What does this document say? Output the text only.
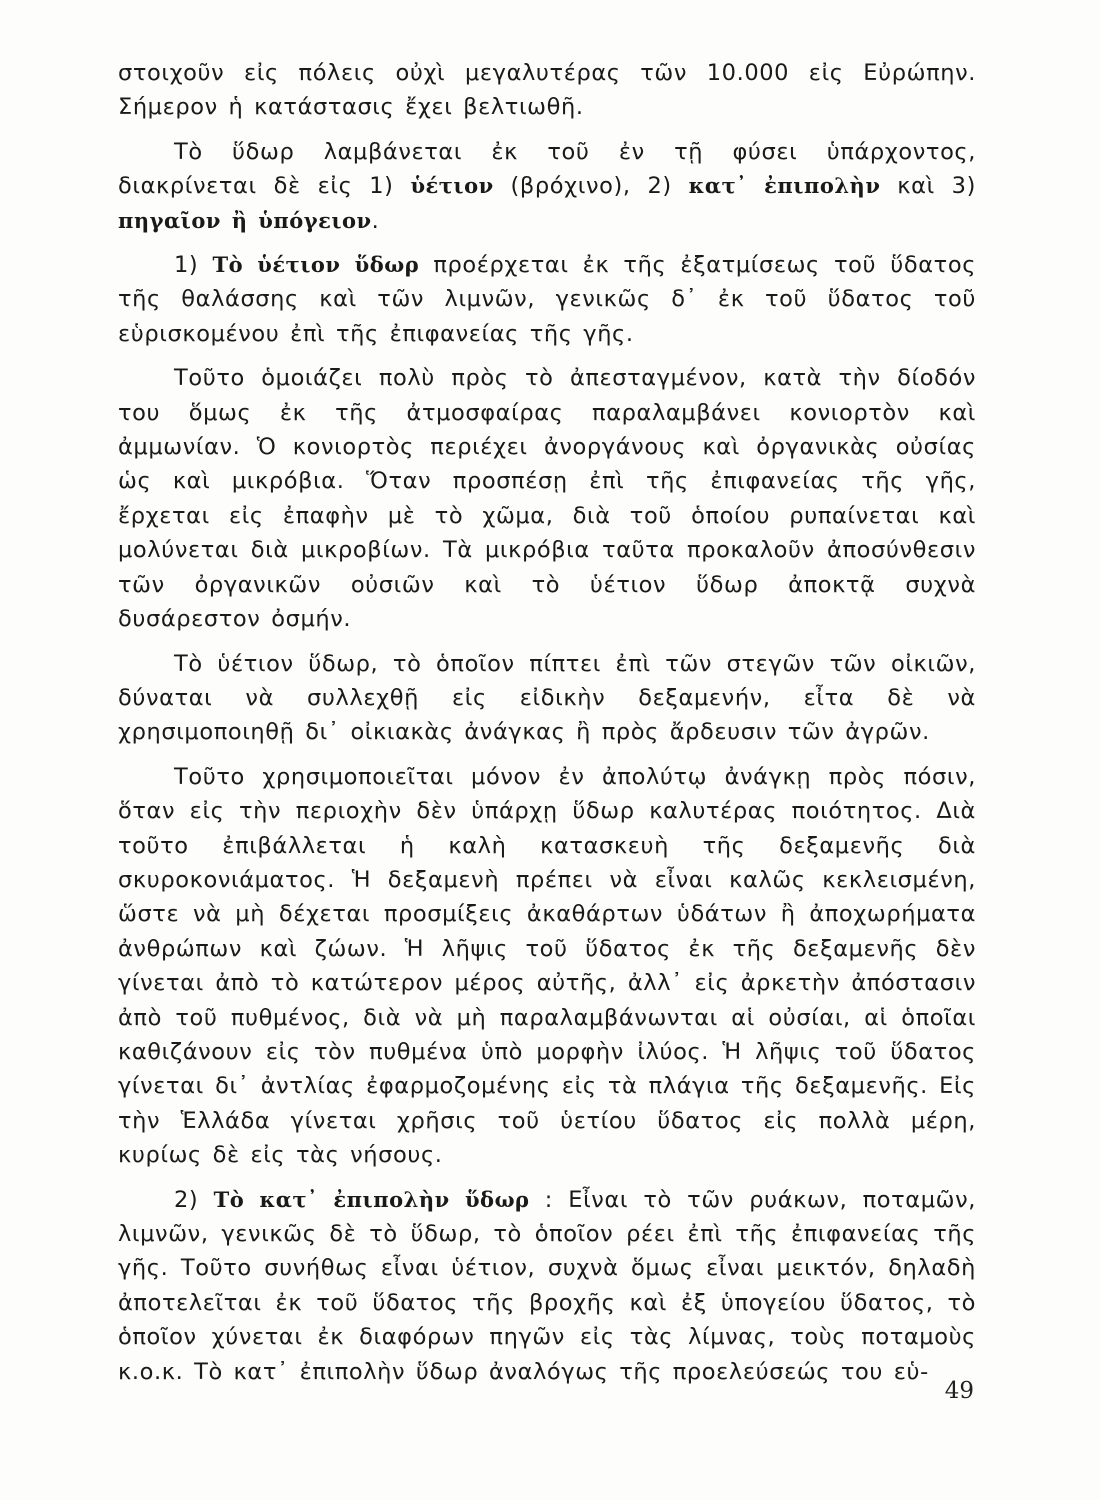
στοιχοῦν εἰς πόλεις οὐχὶ μεγαλυτέρας τῶν 10.000 εἰς Εὐρώπην. Σήμερον ἡ κατάστασις ἔχει βελτιωθῆ.

Τὸ ὕδωρ λαμβάνεται ἐκ τοῦ ἐν τῇ φύσει ὑπάρχοντος, διακρίνεται δὲ εἰς 1) ὑέτιον (βρόχινο), 2) κατ᾿ ἐπιπολὴν καὶ 3) πηγαῖον ἢ ὑπόγειον.

1) Τὸ ὑέτιον ὕδωρ προέρχεται ἐκ τῆς ἐξατμίσεως τοῦ ὕδατος τῆς θαλάσσης καὶ τῶν λιμνῶν, γενικῶς δ᾿ ἐκ τοῦ ὕδατος τοῦ εὑρισκομένου ἐπὶ τῆς ἐπιφανείας τῆς γῆς.

Τοῦτο ὁμοιάζει πολὺ πρὸς τὸ ἀπεσταγμένον, κατὰ τὴν δίοδόν του ὅμως ἐκ τῆς ἀτμοσφαίρας παραλαμβάνει κονιορτὸν καὶ ἀμμωνίαν. Ὁ κονιορτὸς περιέχει ἀνοργάνους καὶ ὀργανικὰς οὐσίας ὡς καὶ μικρόβια. Ὅταν προσπέσῃ ἐπὶ τῆς ἐπιφανείας τῆς γῆς, ἔρχεται εἰς ἐπαφὴν μὲ τὸ χῶμα, διὰ τοῦ ὁποίου ρυπαίνεται καὶ μολύνεται διὰ μικροβίων. Τὰ μικρόβια ταῦτα προκαλοῦν ἀποσύνθεσιν τῶν ὀργανικῶν οὐσιῶν καὶ τὸ ὑέτιον ὕδωρ ἀποκτᾷ συχνὰ δυσάρεστον ὀσμήν.

Τὸ ὑέτιον ὕδωρ, τὸ ὁποῖον πίπτει ἐπὶ τῶν στεγῶν τῶν οἰκιῶν, δύναται νὰ συλλεχθῇ εἰς εἰδικὴν δεξαμενήν, εἶτα δὲ νὰ χρησιμοποιηθῇ δι᾿ οἰκιακὰς ἀνάγκας ἢ πρὸς ἄρδευσιν τῶν ἀγρῶν.

Τοῦτο χρησιμοποιεῖται μόνον ἐν ἀπολύτῳ ἀνάγκῃ πρὸς πόσιν, ὅταν εἰς τὴν περιοχὴν δὲν ὑπάρχῃ ὕδωρ καλυτέρας ποιότητος. Διὰ τοῦτο ἐπιβάλλεται ἡ καλὴ κατασκευὴ τῆς δεξαμενῆς διὰ σκυροκονιάματος. Ἡ δεξαμενὴ πρέπει νὰ εἶναι καλῶς κεκλεισμένη, ὥστε νὰ μὴ δέχεται προσμίξεις ἀκαθάρτων ὑδάτων ἢ ἀποχωρήματα ἀνθρώπων καὶ ζώων. Ἡ λῆψις τοῦ ὕδατος ἐκ τῆς δεξαμενῆς δὲν γίνεται ἀπὸ τὸ κατώτερον μέρος αὐτῆς, ἀλλ᾿ εἰς ἀρκετὴν ἀπόστασιν ἀπὸ τοῦ πυθμένος, διὰ νὰ μὴ παραλαμβάνωνται αἱ οὐσίαι, αἱ ὁποῖαι καθιζάνουν εἰς τὸν πυθμένα ὑπὸ μορφὴν ἰλύος. Ἡ λῆψις τοῦ ὕδατος γίνεται δι᾿ ἀντλίας ἐφαρμοζομένης εἰς τὰ πλάγια τῆς δεξαμενῆς. Εἰς τὴν Ἑλλάδα γίνεται χρῆσις τοῦ ὑετίου ὕδατος εἰς πολλὰ μέρη, κυρίως δὲ εἰς τὰς νήσους.

2) Τὸ κατ᾿ ἐπιπολὴν ὕδωρ : Εἶναι τὸ τῶν ρυάκων, ποταμῶν, λιμνῶν, γενικῶς δὲ τὸ ὕδωρ, τὸ ὁποῖον ρέει ἐπὶ τῆς ἐπιφανείας τῆς γῆς. Τοῦτο συνήθως εἶναι ὑέτιον, συχνὰ ὅμως εἶναι μεικτόν, δηλαδὴ ἀποτελεῖται ἐκ τοῦ ὕδατος τῆς βροχῆς καὶ ἐξ ὑπογείου ὕδατος, τὸ ὁποῖον χύνεται ἐκ διαφόρων πηγῶν εἰς τὰς λίμνας, τοὺς ποταμοὺς κ.ο.κ. Τὸ κατ᾿ ἐπιπολὴν ὕδωρ ἀναλόγως τῆς προελεύσεώς του εὑ-

49
